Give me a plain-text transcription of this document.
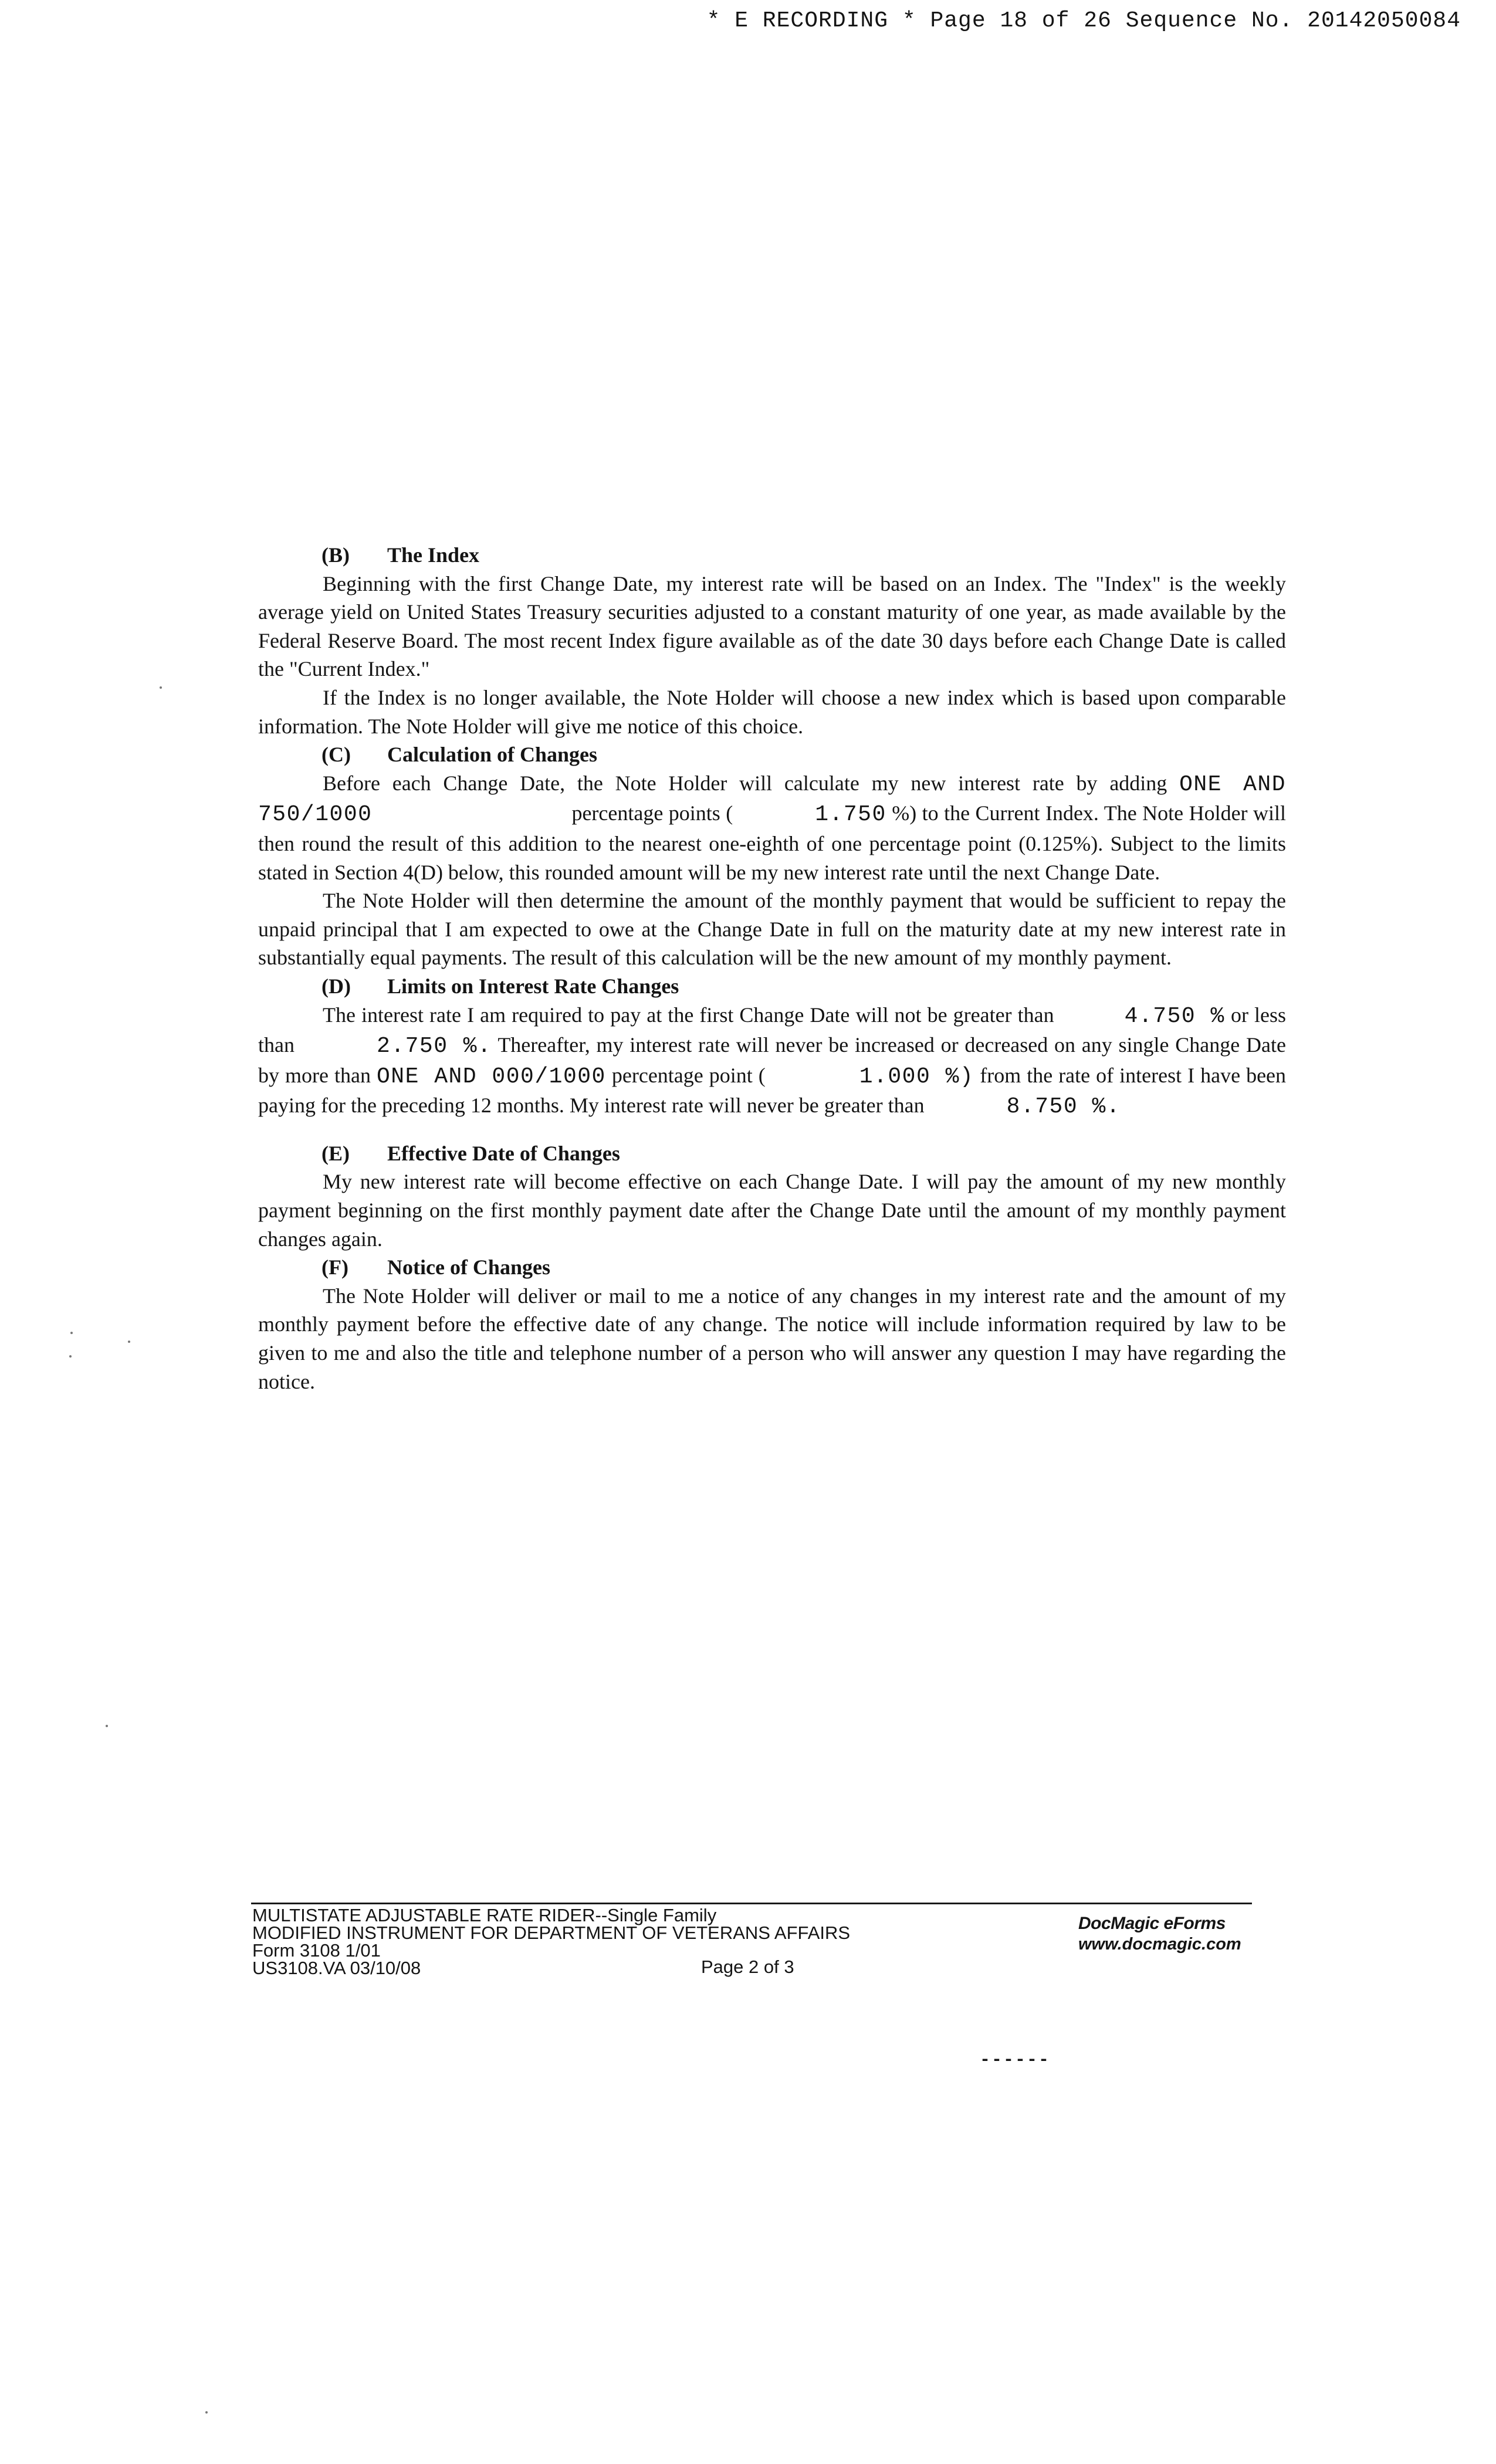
* E RECORDING * Page 18 of 26 Sequence No. 20142050084
(B) The Index

Beginning with the first Change Date, my interest rate will be based on an Index. The "Index" is the weekly average yield on United States Treasury securities adjusted to a constant maturity of one year, as made available by the Federal Reserve Board. The most recent Index figure available as of the date 30 days before each Change Date is called the "Current Index."

If the Index is no longer available, the Note Holder will choose a new index which is based upon comparable information. The Note Holder will give me notice of this choice.

(C) Calculation of Changes

Before each Change Date, the Note Holder will calculate my new interest rate by adding ONE AND 750/1000	percentage points (	1.750 %) to the Current Index. The Note Holder will then round the result of this addition to the nearest one-eighth of one percentage point (0.125%). Subject to the limits stated in Section 4(D) below, this rounded amount will be my new interest rate until the next Change Date.

The Note Holder will then determine the amount of the monthly payment that would be sufficient to repay the unpaid principal that I am expected to owe at the Change Date in full on the maturity date at my new interest rate in substantially equal payments. The result of this calculation will be the new amount of my monthly payment.

(D) Limits on Interest Rate Changes

The interest rate I am required to pay at the first Change Date will not be greater than	4.750 % or less than	2.750 %. Thereafter, my interest rate will never be increased or decreased on any single Change Date by more than ONE AND 000/1000 percentage point (	1.000 %) from the rate of interest I have been paying for the preceding 12 months. My interest rate will never be greater than	8.750 %.

(E) Effective Date of Changes

My new interest rate will become effective on each Change Date. I will pay the amount of my new monthly payment beginning on the first monthly payment date after the Change Date until the amount of my monthly payment changes again.

(F) Notice of Changes

The Note Holder will deliver or mail to me a notice of any changes in my interest rate and the amount of my monthly payment before the effective date of any change. The notice will include information required by law to be given to me and also the title and telephone number of a person who will answer any question I may have regarding the notice.

MULTISTATE ADJUSTABLE RATE RIDER--Single Family
MODIFIED INSTRUMENT FOR DEPARTMENT OF VETERANS AFFAIRS
Form 3108 1/01
US3108.VA 03/10/08	Page 2 of 3
DocMagic eForms
www.docmagic.com
------
